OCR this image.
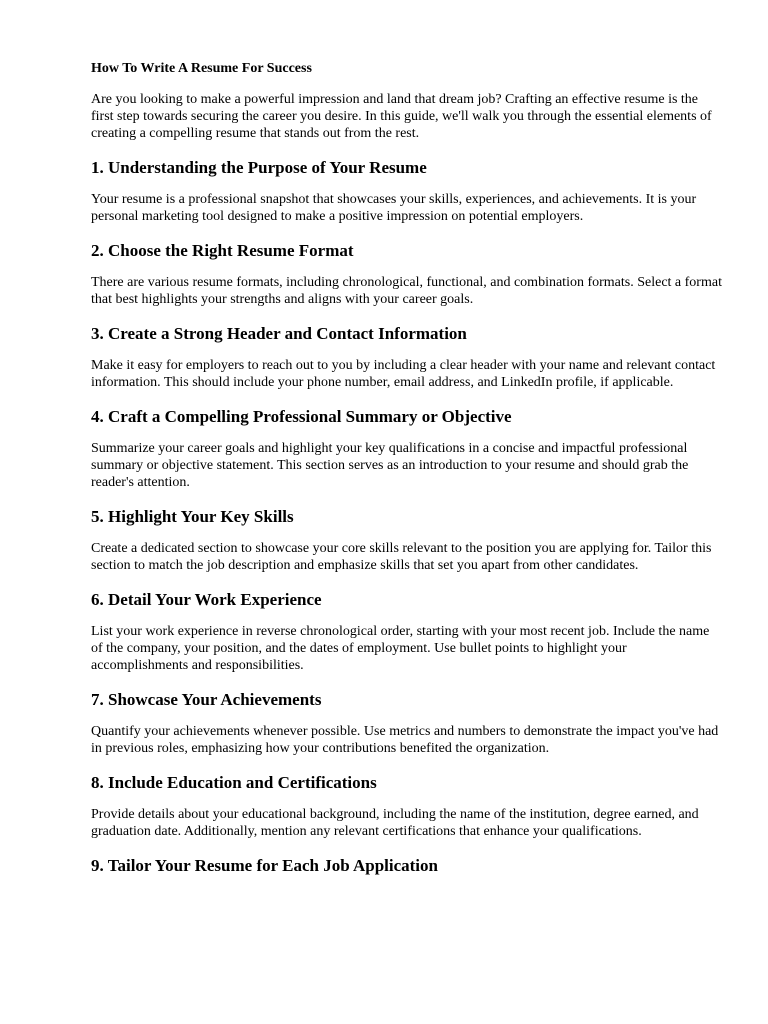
How To Write A Resume For Success

Are you looking to make a powerful impression and land that dream job? Crafting an effective resume is the first step towards securing the career you desire. In this guide, we'll walk you through the essential elements of creating a compelling resume that stands out from the rest.

1. Understanding the Purpose of Your Resume

Your resume is a professional snapshot that showcases your skills, experiences, and achievements. It is your personal marketing tool designed to make a positive impression on potential employers.

2. Choose the Right Resume Format

There are various resume formats, including chronological, functional, and combination formats. Select a format that best highlights your strengths and aligns with your career goals.

3. Create a Strong Header and Contact Information

Make it easy for employers to reach out to you by including a clear header with your name and relevant contact information. This should include your phone number, email address, and LinkedIn profile, if applicable.

4. Craft a Compelling Professional Summary or Objective

Summarize your career goals and highlight your key qualifications in a concise and impactful professional summary or objective statement. This section serves as an introduction to your resume and should grab the reader's attention.

5. Highlight Your Key Skills

Create a dedicated section to showcase your core skills relevant to the position you are applying for. Tailor this section to match the job description and emphasize skills that set you apart from other candidates.

6. Detail Your Work Experience

List your work experience in reverse chronological order, starting with your most recent job. Include the name of the company, your position, and the dates of employment. Use bullet points to highlight your accomplishments and responsibilities.

7. Showcase Your Achievements

Quantify your achievements whenever possible. Use metrics and numbers to demonstrate the impact you've had in previous roles, emphasizing how your contributions benefited the organization.

8. Include Education and Certifications

Provide details about your educational background, including the name of the institution, degree earned, and graduation date. Additionally, mention any relevant certifications that enhance your qualifications.

9. Tailor Your Resume for Each Job Application
